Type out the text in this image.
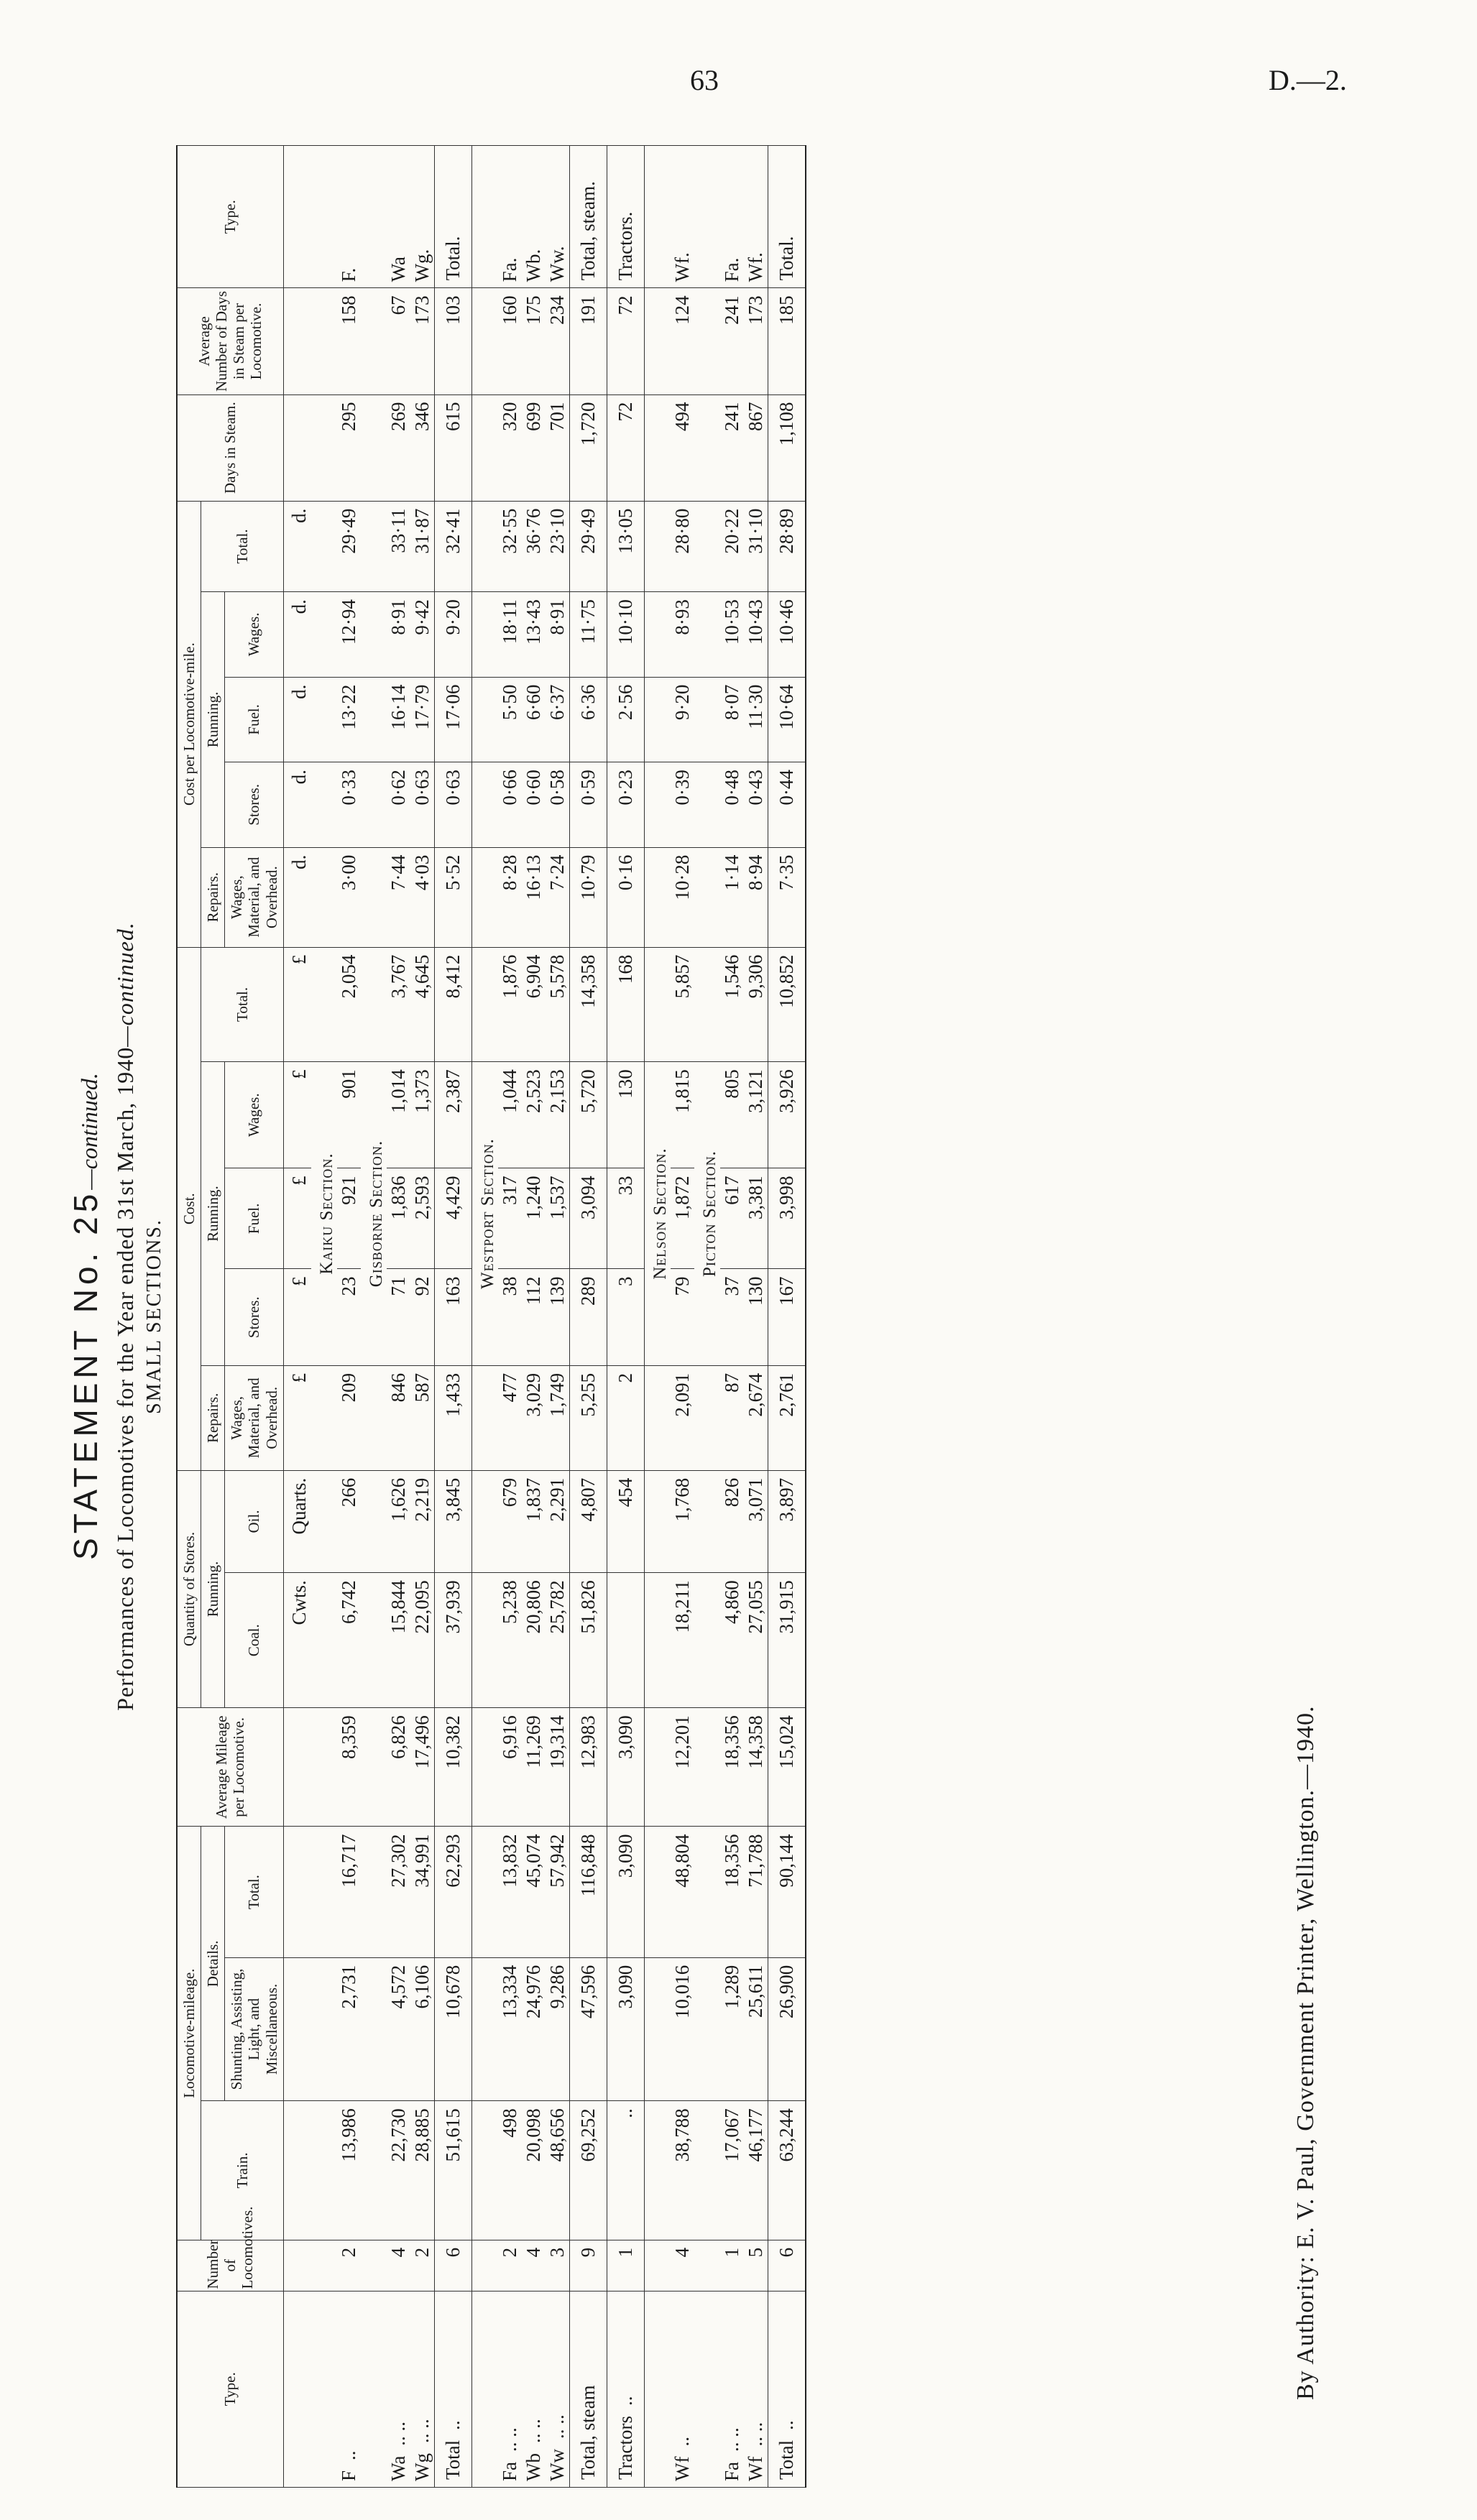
63	D.—2.
STATEMENT No. 25—continued. Performances of Locomotives for the Year ended 31st March, 1940—continued.
SMALL SECTIONS.
Type.	Number of Locomotives.	Locomotive-mileage.			Average Mileage per Locomotive.	Quantity of Stores.		Cost.					Cost per Locomotive-mile.					Days in Steam.	Average Number of Days in Steam per Locomotive.	Type.
		Train.	Details.			Running.		Repairs.	Running.			Total.	Repairs.	Running.			Total.			
			Shunting, Assisting, Light, and Miscellaneous.	Total.		Coal.	Oil.	Wages, Material, and Overhead.	Stores.	Fuel.	Wages.		Wages, Material, and Overhead.	Stores.	Fuel.	Wages.				
						Cwts.	Quarts.	£	£	£	£	£	d.	d.	d.	d.	d.			
									Kaiku Section.											
F..	2	13,986	2,731	16,717	8,359	6,742	266	209	23	921	901	2,054	3·00	0·33	13·22	12·94	29·49	295	158	F.
									Gisborne Section.											
Wa.. ..	4	22,730	4,572	27,302	6,826	15,844	1,626	846	71	1,836	1,014	3,767	7·44	0·62	16·14	8·91	33·11	269	67	Wa
Wg.. ..	2	28,885	6,106	34,991	17,496	22,095	2,219	587	92	2,593	1,373	4,645	4·03	0·63	17·79	9·42	31·87	346	173	Wg.
Total..	6	51,615	10,678	62,293	10,382	37,939	3,845	1,433	163	4,429	2,387	8,412	5·52	0·63	17·06	9·20	32·41	615	103	Total.
									Westport Section.											
Fa.. ..	2	498	13,334	13,832	6,916	5,238	679	477	38	317	1,044	1,876	8·28	0·66	5·50	18·11	32·55	320	160	Fa.
Wb.. ..	4	20,098	24,976	45,074	11,269	20,806	1,837	3,029	112	1,240	2,523	6,904	16·13	0·60	6·60	13·43	36·76	699	175	Wb.
Ww.. ..	3	48,656	9,286	57,942	19,314	25,782	2,291	1,749	139	1,537	2,153	5,578	7·24	0·58	6·37	8·91	23·10	701	234	Ww.
Total, steam	9	69,252	47,596	116,848	12,983	51,826	4,807	5,255	289	3,094	5,720	14,358	10·79	0·59	6·36	11·75	29·49	1,720	191	Total, steam.
Tractors..	1	..	3,090	3,090	3,090		454	2	3	33	130	168	0·16	0·23	2·56	10·10	13·05	72	72	Tractors.
									Nelson Section.											
Wf..	4	38,788	10,016	48,804	12,201	18,211	1,768	2,091	79	1,872	1,815	5,857	10·28	0·39	9·20	8·93	28·80	494	124	Wf.
									Picton Section.											
Fa.. ..	1	17,067	1,289	18,356	18,356	4,860	826	87	37	617	805	1,546	1·14	0·48	8·07	10·53	20·22	241	241	Fa.
Wf.. ..	5	46,177	25,611	71,788	14,358	27,055	3,071	2,674	130	3,381	3,121	9,306	8·94	0·43	11·30	10·43	31·10	867	173	Wf.
Total..	6	63,244	26,900	90,144	15,024	31,915	3,897	2,761	167	3,998	3,926	10,852	7·35	0·44	10·64	10·46	28·89	1,108	185	Total.
By Authority: E. V. Paul, Government Printer, Wellington.—1940.
